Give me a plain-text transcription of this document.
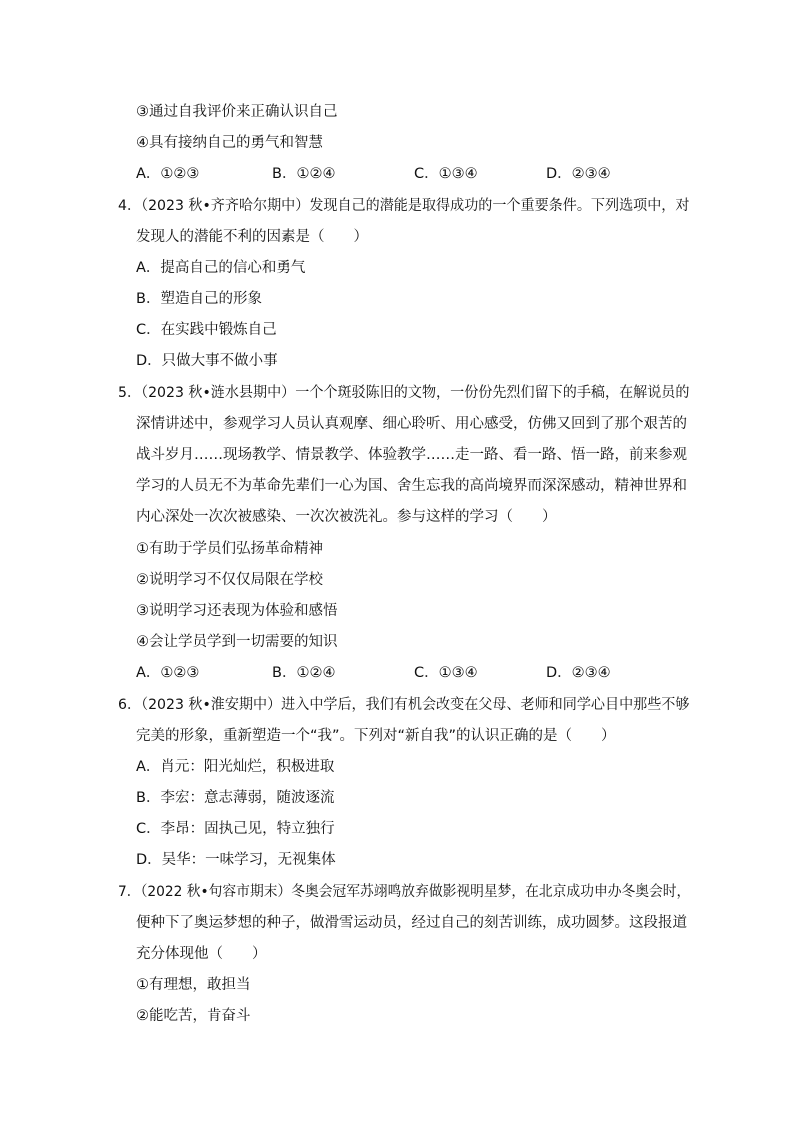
③通过自我评价来正确认识自己
④具有接纳自己的勇气和智慧
A．①②③	B．①②④	C．①③④	D．②③④
4．（2023 秋•齐齐哈尔期中）发现自己的潜能是取得成功的一个重要条件。下列选项中，对
发现人的潜能不利的因素是（　　）
A．提高自己的信心和勇气
B．塑造自己的形象
C．在实践中锻炼自己
D．只做大事不做小事
5．（2023 秋•涟水县期中）一个个斑驳陈旧的文物，一份份先烈们留下的手稿，在解说员的
深情讲述中，参观学习人员认真观摩、细心聆听、用心感受，仿佛又回到了那个艰苦的
战斗岁月……现场教学、情景教学、体验教学……走一路、看一路、悟一路，前来参观
学习的人员无不为革命先辈们一心为国、舍生忘我的高尚境界而深深感动，精神世界和
内心深处一次次被感染、一次次被洗礼。参与这样的学习（　　）
①有助于学员们弘扬革命精神
②说明学习不仅仅局限在学校
③说明学习还表现为体验和感悟
④会让学员学到一切需要的知识
A．①②③	B．①②④	C．①③④	D．②③④
6．（2023 秋•淮安期中）进入中学后，我们有机会改变在父母、老师和同学心目中那些不够
完美的形象，重新塑造一个“我”。下列对“新自我”的认识正确的是（　　）
A．肖元：阳光灿烂，积极进取
B．李宏：意志薄弱，随波逐流
C．李昂：固执己见，特立独行
D．吴华：一味学习，无视集体
7．（2022 秋•句容市期末）冬奥会冠军苏翊鸣放弃做影视明星梦，在北京成功申办冬奥会时，
便种下了奥运梦想的种子，做滑雪运动员，经过自己的刻苦训练，成功圆梦。这段报道
充分体现他（　　）
①有理想，敢担当
②能吃苦，肯奋斗
